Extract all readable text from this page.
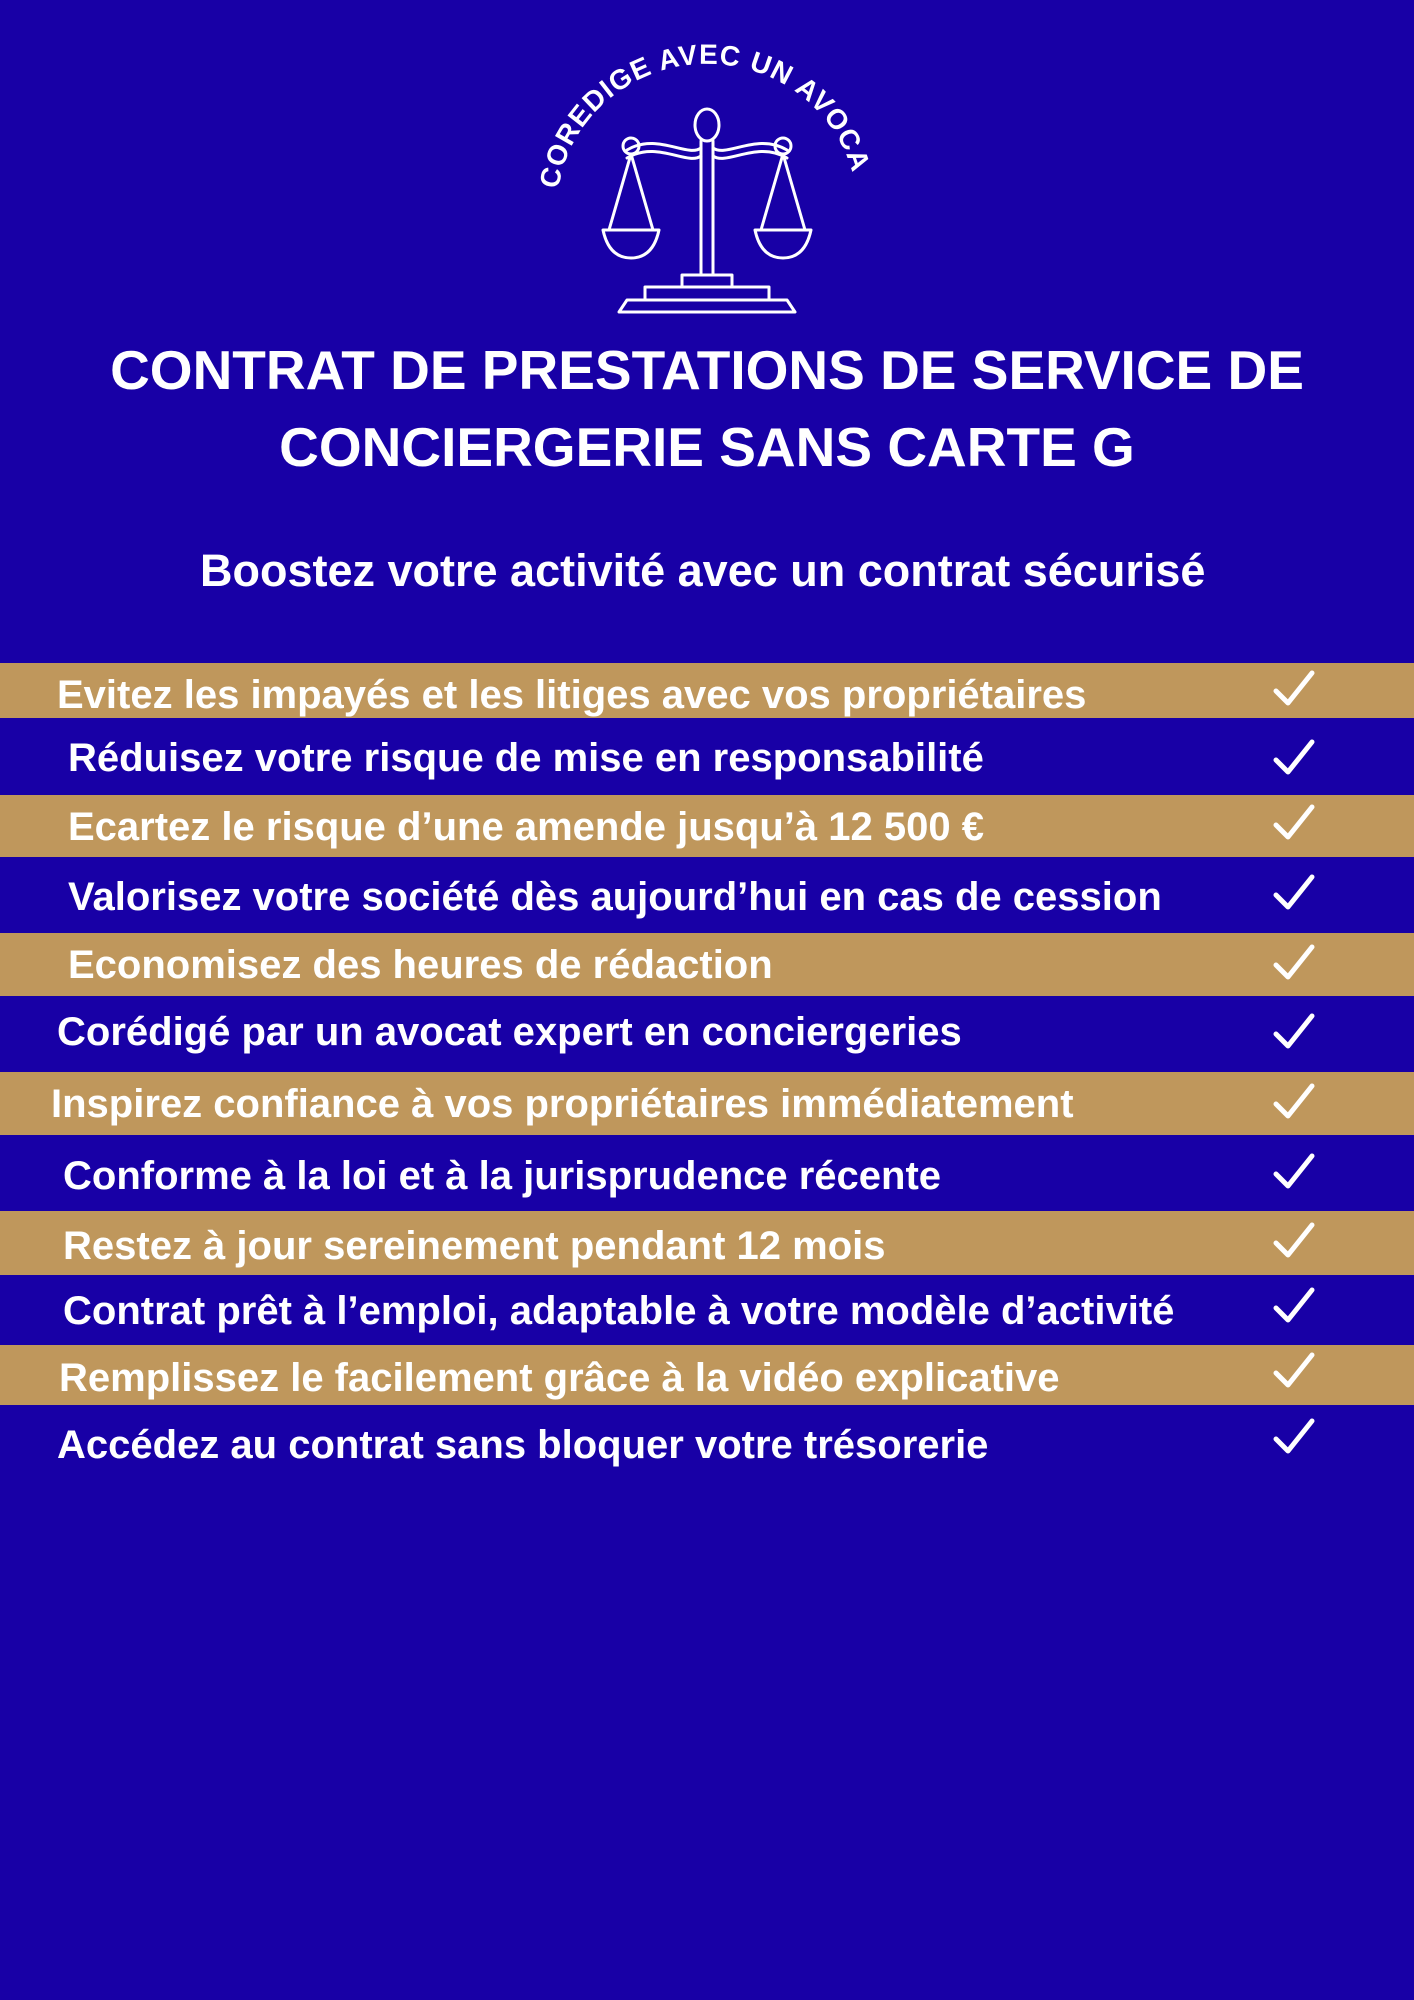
COREDIGE AVEC UN AVOCA
CONTRAT DE PRESTATIONS DE SERVICE DE
CONCIERGERIE SANS CARTE G
Boostez votre activité avec un contrat sécurisé
Evitez les impayés et les litiges avec vos propriétaires
Réduisez votre risque de mise en responsabilité
Ecartez le risque d’une amende jusqu’à 12 500 €
Valorisez votre société dès aujourd’hui en cas de cession
Economisez des heures de rédaction
Corédigé par un avocat expert en conciergeries
Inspirez confiance à vos propriétaires immédiatement
Conforme à la loi et à la jurisprudence récente
Restez à jour sereinement pendant 12 mois
Contrat prêt à l’emploi, adaptable à votre modèle d’activité
Remplissez le facilement grâce à la vidéo explicative
Accédez au contrat sans bloquer votre trésorerie
